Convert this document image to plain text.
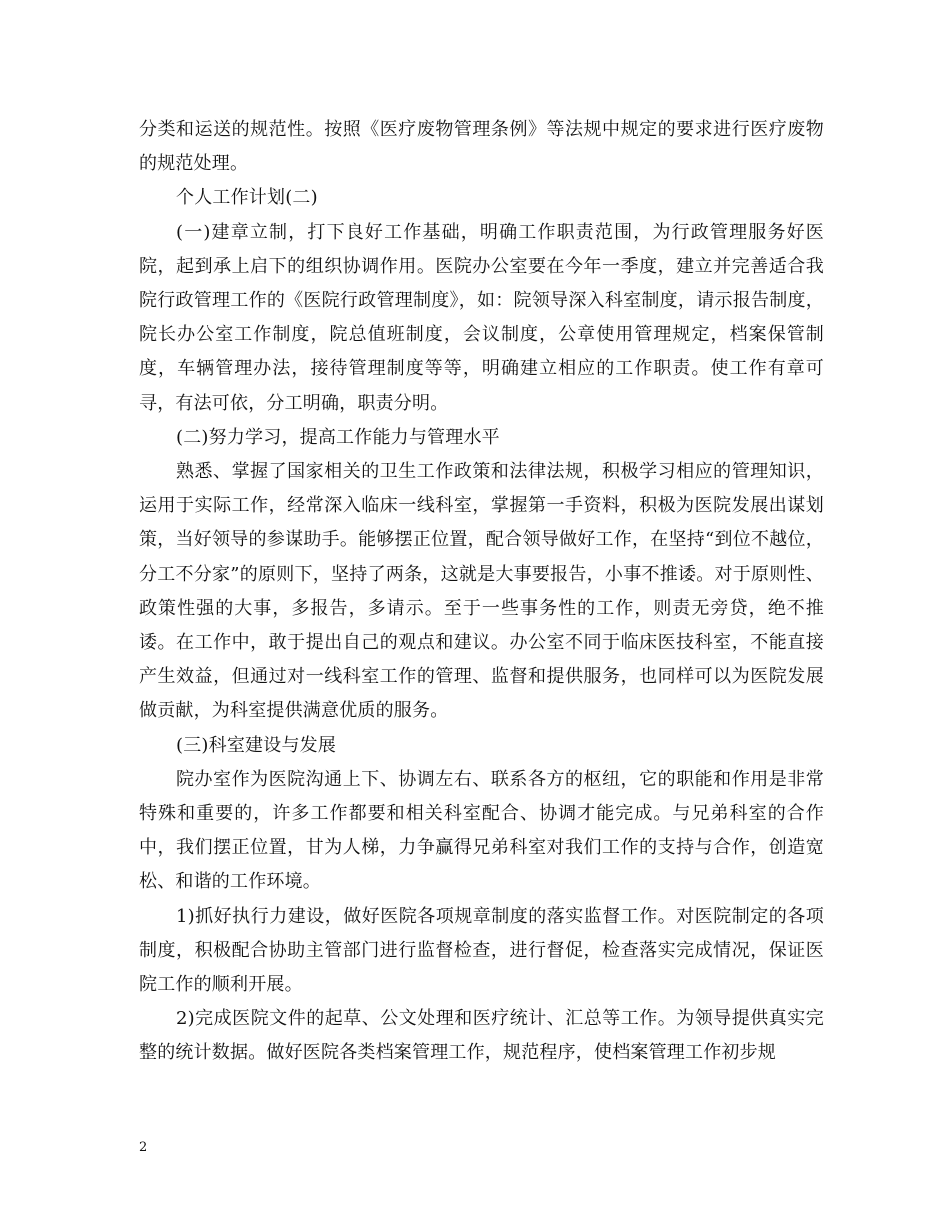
分类和运送的规范性。按照《医疗废物管理条例》等法规中规定的要求进行医疗废物的规范处理。

个人工作计划(二)

(一)建章立制，打下良好工作基础，明确工作职责范围，为行政管理服务好医院，起到承上启下的组织协调作用。医院办公室要在今年一季度，建立并完善适合我院行政管理工作的《医院行政管理制度》，如：院领导深入科室制度，请示报告制度，院长办公室工作制度，院总值班制度，会议制度，公章使用管理规定，档案保管制度，车辆管理办法，接待管理制度等等，明确建立相应的工作职责。使工作有章可寻，有法可依，分工明确，职责分明。

(二)努力学习，提高工作能力与管理水平

熟悉、掌握了国家相关的卫生工作政策和法律法规，积极学习相应的管理知识，运用于实际工作，经常深入临床一线科室，掌握第一手资料，积极为医院发展出谋划策，当好领导的参谋助手。能够摆正位置，配合领导做好工作，在坚持“到位不越位，分工不分家”的原则下，坚持了两条，这就是大事要报告，小事不推诿。对于原则性、政策性强的大事，多报告，多请示。至于一些事务性的工作，则责无旁贷，绝不推诿。在工作中，敢于提出自己的观点和建议。办公室不同于临床医技科室，不能直接产生效益，但通过对一线科室工作的管理、监督和提供服务，也同样可以为医院发展做贡献，为科室提供满意优质的服务。

(三)科室建设与发展

院办室作为医院沟通上下、协调左右、联系各方的枢纽，它的职能和作用是非常特殊和重要的，许多工作都要和相关科室配合、协调才能完成。与兄弟科室的合作中，我们摆正位置，甘为人梯，力争赢得兄弟科室对我们工作的支持与合作，创造宽松、和谐的工作环境。

1)抓好执行力建设，做好医院各项规章制度的落实监督工作。对医院制定的各项制度，积极配合协助主管部门进行监督检查，进行督促，检查落实完成情况，保证医院工作的顺利开展。

2)完成医院文件的起草、公文处理和医疗统计、汇总等工作。为领导提供真实完整的统计数据。做好医院各类档案管理工作，规范程序，使档案管理工作初步规

2
